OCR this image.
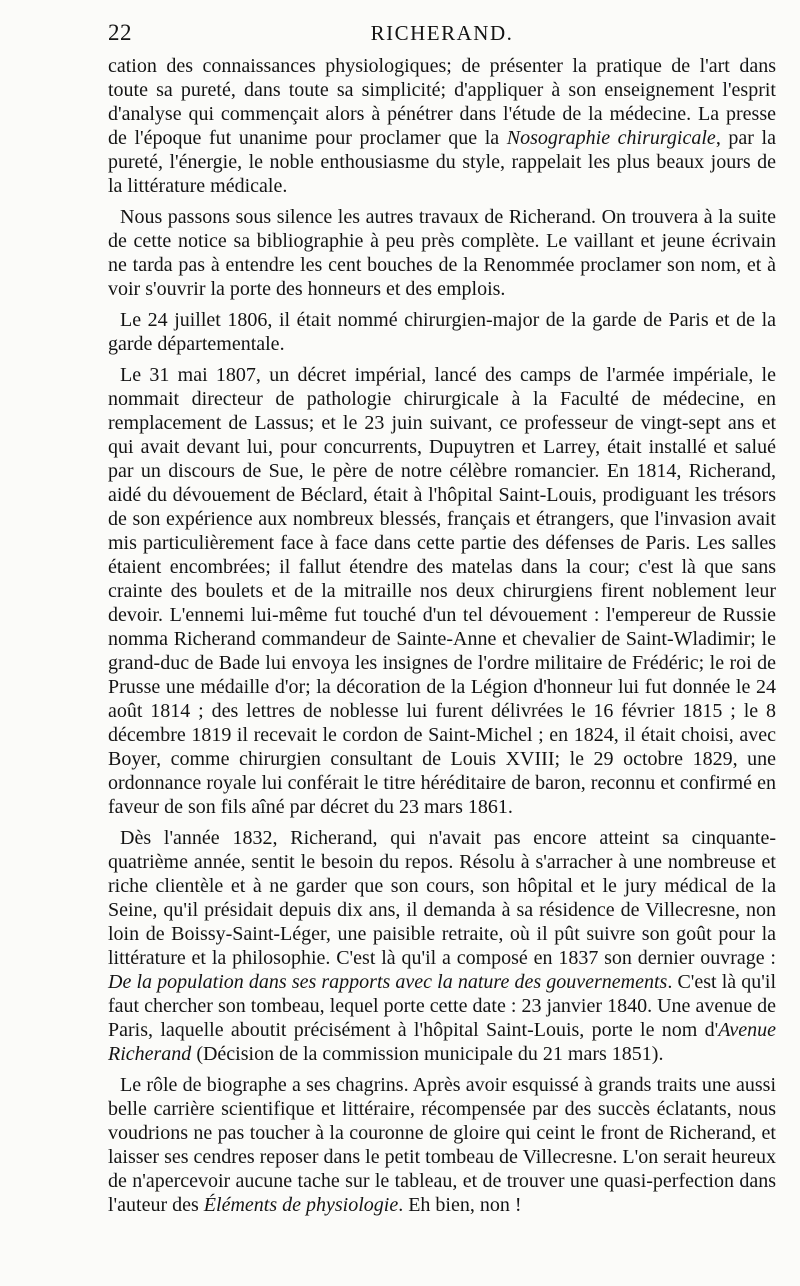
22	RICHERAND.

cation des connaissances physiologiques; de présenter la pratique de l'art dans toute sa pureté, dans toute sa simplicité; d'appliquer à son enseignement l'esprit d'analyse qui commençait alors à pénétrer dans l'étude de la médecine. La presse de l'époque fut unanime pour proclamer que la Nosographie chirurgicale, par la pureté, l'énergie, le noble enthousiasme du style, rappelait les plus beaux jours de la littérature médicale.

Nous passons sous silence les autres travaux de Richerand. On trouvera à la suite de cette notice sa bibliographie à peu près complète. Le vaillant et jeune écrivain ne tarda pas à entendre les cent bouches de la Renommée proclamer son nom, et à voir s'ouvrir la porte des honneurs et des emplois.

Le 24 juillet 1806, il était nommé chirurgien-major de la garde de Paris et de la garde départementale.

Le 31 mai 1807, un décret impérial, lancé des camps de l'armée impériale, le nommait directeur de pathologie chirurgicale à la Faculté de médecine, en remplacement de Lassus; et le 23 juin suivant, ce professeur de vingt-sept ans et qui avait devant lui, pour concurrents, Dupuytren et Larrey, était installé et salué par un discours de Sue, le père de notre célèbre romancier. En 1814, Richerand, aidé du dévouement de Béclard, était à l'hôpital Saint-Louis, prodiguant les trésors de son expérience aux nombreux blessés, français et étrangers, que l'invasion avait mis particulièrement face à face dans cette partie des défenses de Paris. Les salles étaient encombrées; il fallut étendre des matelas dans la cour; c'est là que sans crainte des boulets et de la mitraille nos deux chirurgiens firent noblement leur devoir. L'ennemi lui-même fut touché d'un tel dévouement : l'empereur de Russie nomma Richerand commandeur de Sainte-Anne et chevalier de Saint-Wladimir; le grand-duc de Bade lui envoya les insignes de l'ordre militaire de Frédéric; le roi de Prusse une médaille d'or; la décoration de la Légion d'honneur lui fut donnée le 24 août 1814 ; des lettres de noblesse lui furent délivrées le 16 février 1815 ; le 8 décembre 1819 il recevait le cordon de Saint-Michel ; en 1824, il était choisi, avec Boyer, comme chirurgien consultant de Louis XVIII; le 29 octobre 1829, une ordonnance royale lui conférait le titre héréditaire de baron, reconnu et confirmé en faveur de son fils aîné par décret du 23 mars 1861.

Dès l'année 1832, Richerand, qui n'avait pas encore atteint sa cinquante-quatrième année, sentit le besoin du repos. Résolu à s'arracher à une nombreuse et riche clientèle et à ne garder que son cours, son hôpital et le jury médical de la Seine, qu'il présidait depuis dix ans, il demanda à sa résidence de Villecresne, non loin de Boissy-Saint-Léger, une paisible retraite, où il pût suivre son goût pour la littérature et la philosophie. C'est là qu'il a composé en 1837 son dernier ouvrage : De la population dans ses rapports avec la nature des gouvernements. C'est là qu'il faut chercher son tombeau, lequel porte cette date : 23 janvier 1840. Une avenue de Paris, laquelle aboutit précisément à l'hôpital Saint-Louis, porte le nom d'Avenue Richerand (Décision de la commission municipale du 21 mars 1851).

Le rôle de biographe a ses chagrins. Après avoir esquissé à grands traits une aussi belle carrière scientifique et littéraire, récompensée par des succès éclatants, nous voudrions ne pas toucher à la couronne de gloire qui ceint le front de Richerand, et laisser ses cendres reposer dans le petit tombeau de Villecresne. L'on serait heureux de n'apercevoir aucune tache sur le tableau, et de trouver une quasi-perfection dans l'auteur des Éléments de physiologie. Eh bien, non !
